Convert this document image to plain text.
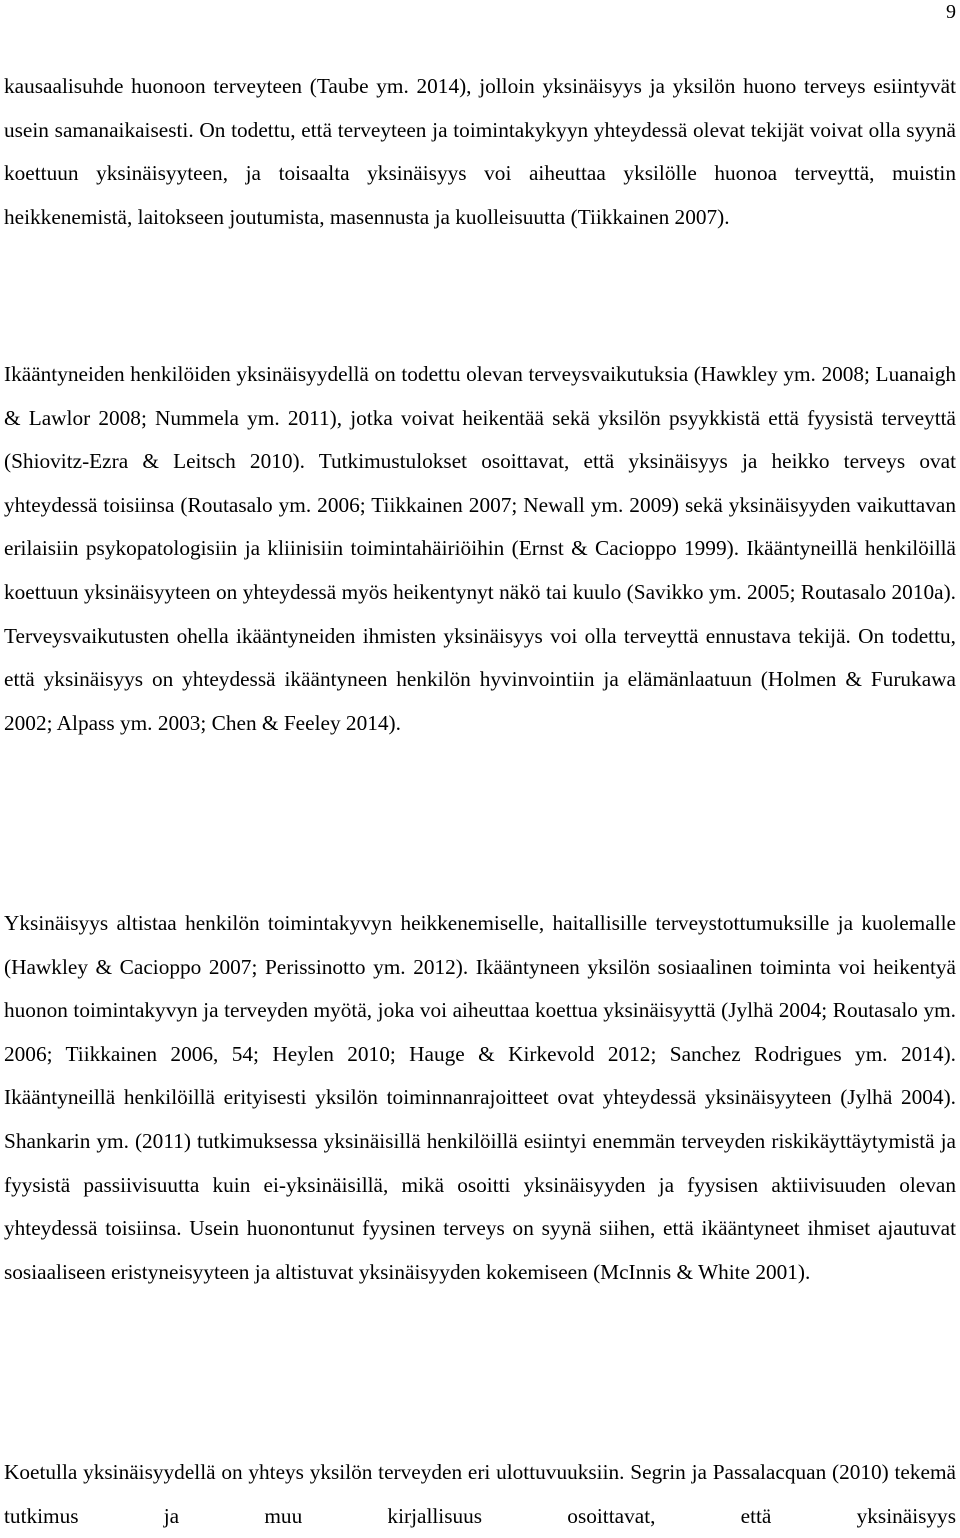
9

kausaalisuhde huonoon terveyteen (Taube ym. 2014), jolloin yksinäisyys ja yksilön huono terveys esiintyvät usein samanaikaisesti. On todettu, että terveyteen ja toimintakykyyn yhteydessä olevat tekijät voivat olla syynä koettuun yksinäisyyteen, ja toisaalta yksinäisyys voi aiheuttaa yksilölle huonoa terveyttä, muistin heikkenemistä, laitokseen joutumista, masennusta ja kuolleisuutta (Tiikkainen 2007).

Ikääntyneiden henkilöiden yksinäisyydellä on todettu olevan terveysvaikutuksia (Hawkley ym. 2008; Luanaigh & Lawlor 2008; Nummela ym. 2011), jotka voivat heikentää sekä yksilön psyykkistä että fyysistä terveyttä (Shiovitz-Ezra & Leitsch 2010). Tutkimustulokset osoittavat, että yksinäisyys ja heikko terveys ovat yhteydessä toisiinsa (Routasalo ym. 2006; Tiikkainen 2007; Newall ym. 2009) sekä yksinäisyyden vaikuttavan erilaisiin psykopatologisiin ja kliinisiin toimintahäiriöihin (Ernst & Cacioppo 1999). Ikääntyneillä henkilöillä koettuun yksinäisyyteen on yhteydessä myös heikentynyt näkö tai kuulo (Savikko ym. 2005; Routasalo 2010a). Terveysvaikutusten ohella ikääntyneiden ihmisten yksinäisyys voi olla terveyttä ennustava tekijä. On todettu, että yksinäisyys on yhteydessä ikääntyneen henkilön hyvinvointiin ja elämänlaatuun (Holmen & Furukawa 2002; Alpass ym. 2003; Chen & Feeley 2014).

Yksinäisyys altistaa henkilön toimintakyvyn heikkenemiselle, haitallisille terveystottumuksille ja kuolemalle (Hawkley & Cacioppo 2007; Perissinotto ym. 2012). Ikääntyneen yksilön sosiaalinen toiminta voi heikentyä huonon toimintakyvyn ja terveyden myötä, joka voi aiheuttaa koettua yksinäisyyttä (Jylhä 2004; Routasalo ym. 2006; Tiikkainen 2006, 54; Heylen 2010; Hauge & Kirkevold 2012; Sanchez Rodrigues ym. 2014). Ikääntyneillä henkilöillä erityisesti yksilön toiminnanrajoitteet ovat yhteydessä yksinäisyyteen (Jylhä 2004). Shankarin ym. (2011) tutkimuksessa yksinäisillä henkilöillä esiintyi enemmän terveyden riskikäyttäytymistä ja fyysistä passiivisuutta kuin ei-yksinäisillä, mikä osoitti yksinäisyyden ja fyysisen aktiivisuuden olevan yhteydessä toisiinsa. Usein huonontunut fyysinen terveys on syynä siihen, että ikääntyneet ihmiset ajautuvat sosiaaliseen eristyneisyyteen ja altistuvat yksinäisyyden kokemiseen (McInnis & White 2001).

Koetulla yksinäisyydellä on yhteys yksilön terveyden eri ulottuvuuksiin. Segrin ja Passalacquan (2010) tekemä tutkimus ja muu kirjallisuus osoittavat, että yksinäisyys
